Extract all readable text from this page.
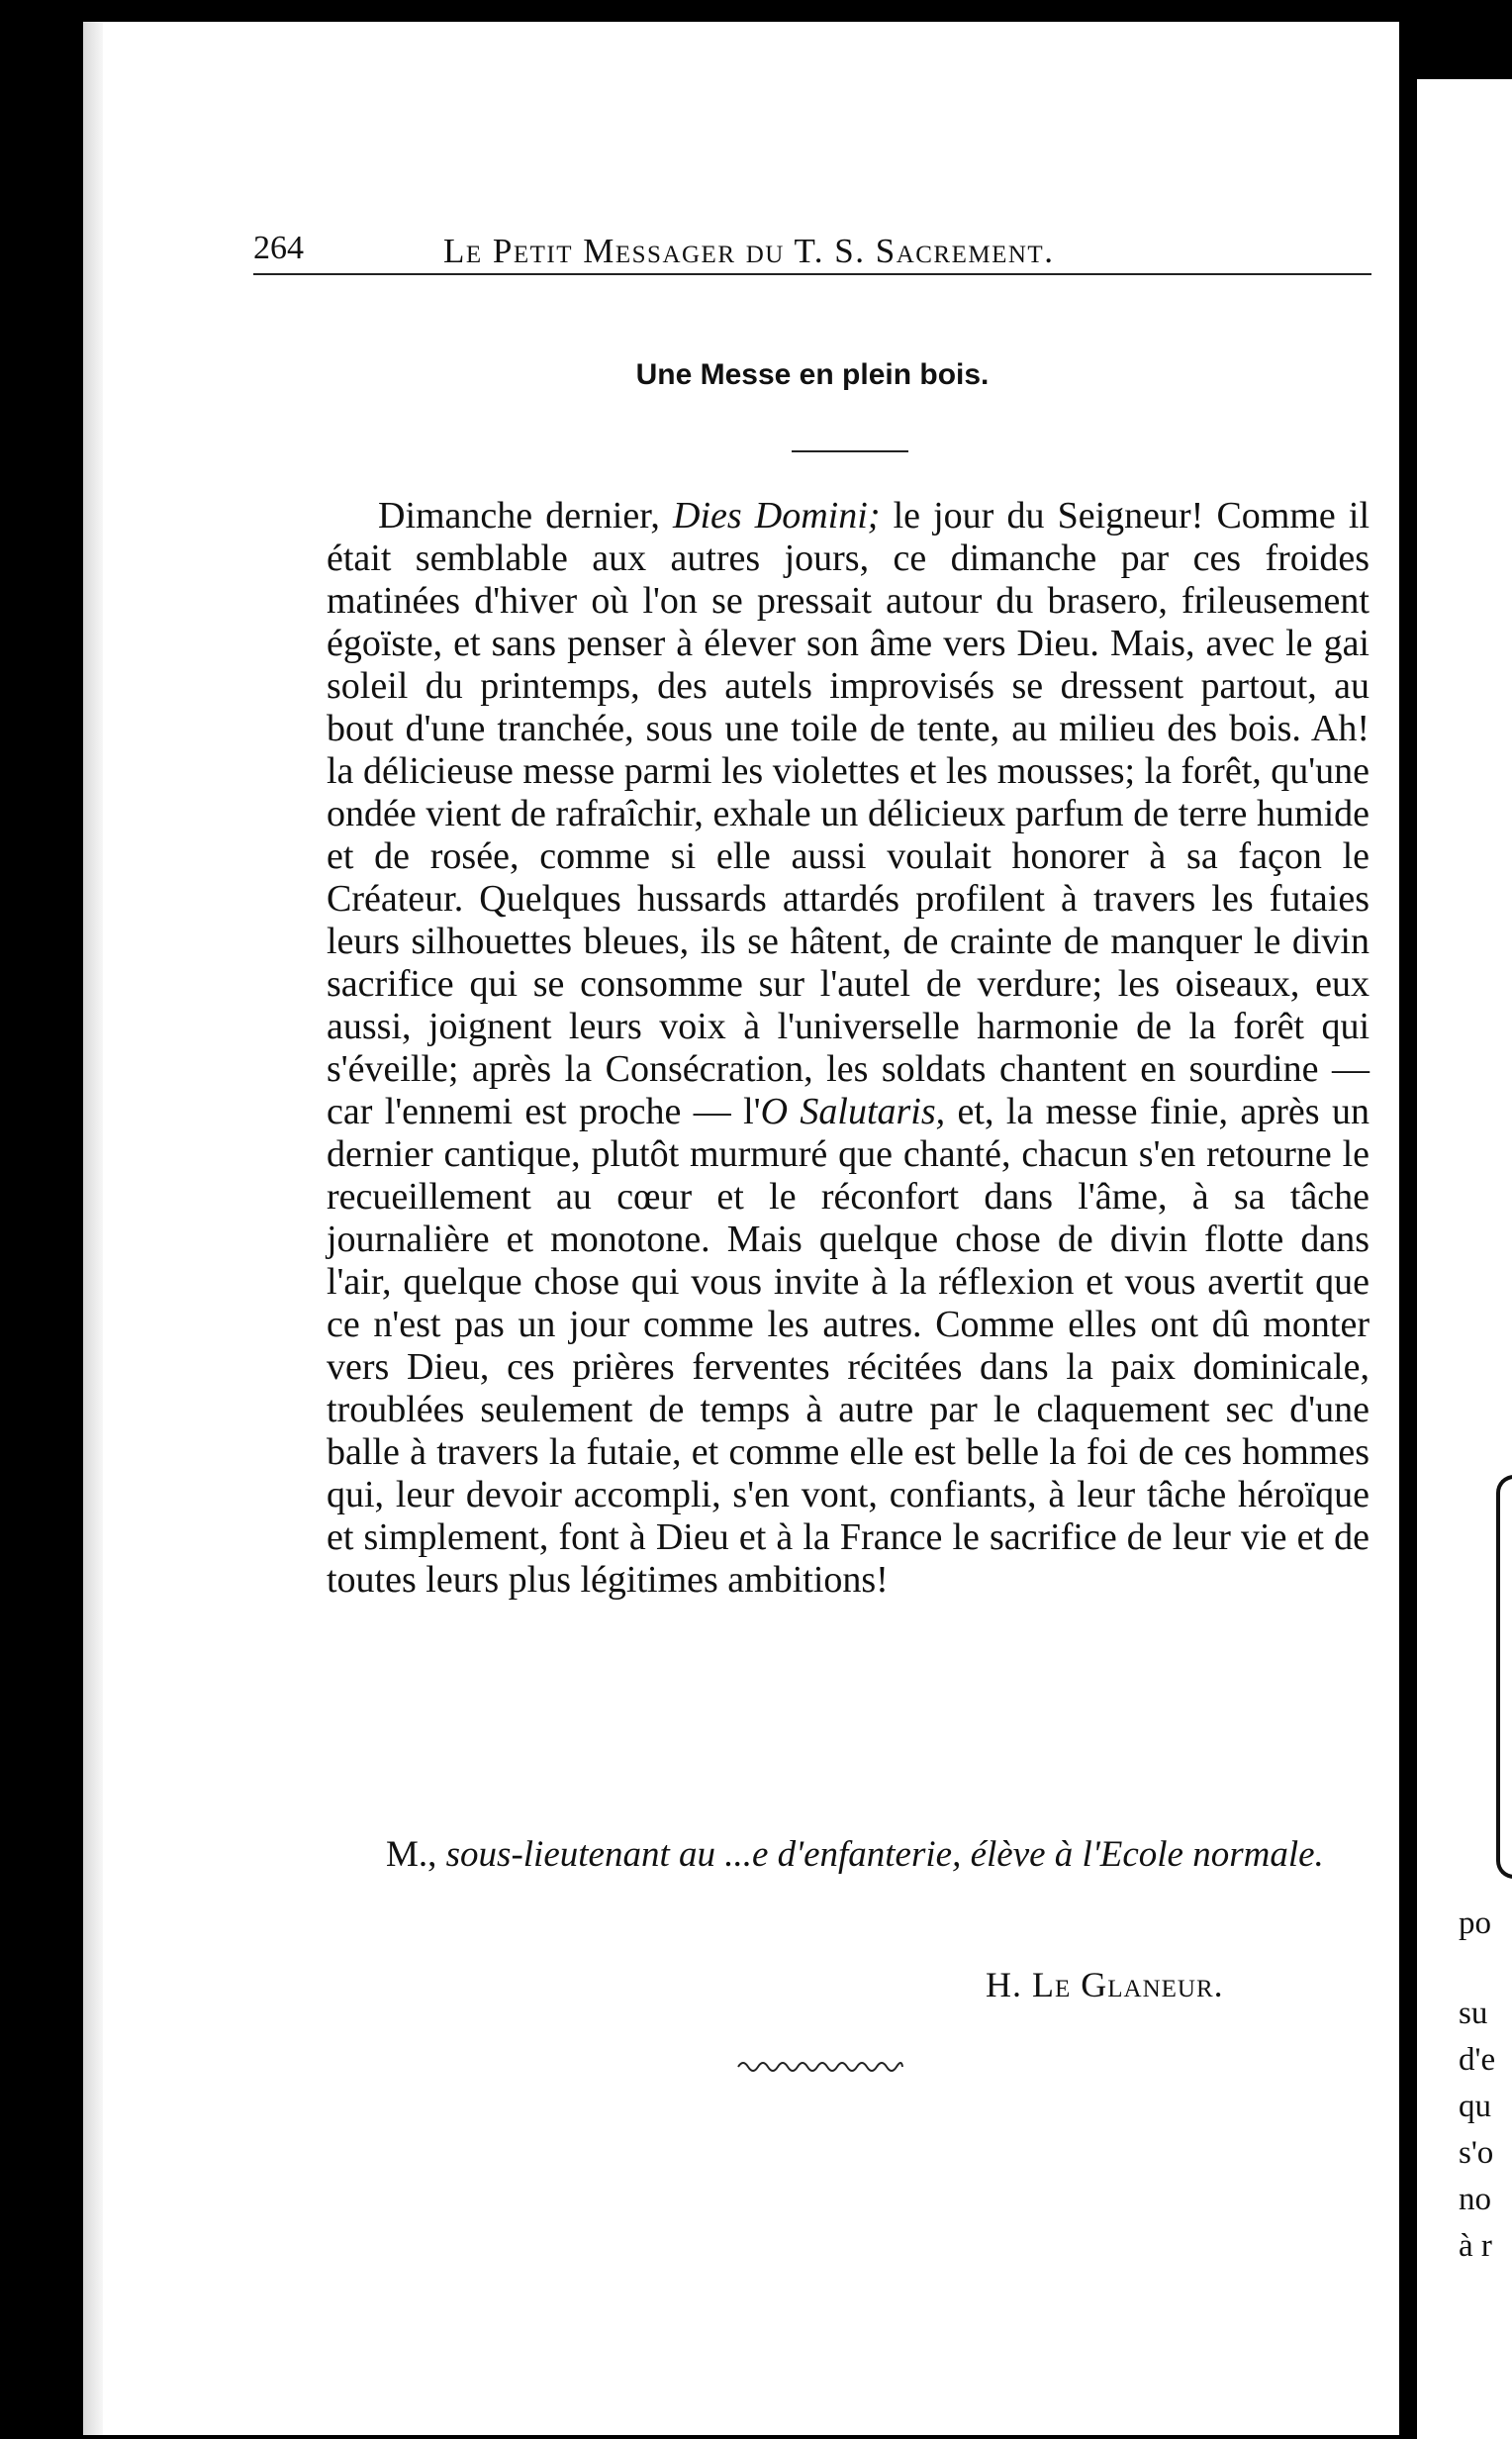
po
su
d'e
qu
s'o
no
à r
264	Le Petit Messager du T. S. Sacrement.
Une Messe en plein bois.

Dimanche dernier, Dies Domini; le jour du Seigneur! Comme il était semblable aux autres jours, ce dimanche par ces froides matinées d'hiver où l'on se pressait autour du brasero, frileusement égoïste, et sans penser à élever son âme vers Dieu. Mais, avec le gai soleil du printemps, des autels improvisés se dressent partout, au bout d'une tranchée, sous une toile de tente, au milieu des bois. Ah! la délicieuse messe parmi les violettes et les mousses; la forêt, qu'une ondée vient de rafraîchir, exhale un délicieux parfum de terre humide et de rosée, comme si elle aussi voulait honorer à sa façon le Créateur. Quelques hussards attardés profilent à travers les futaies leurs silhouettes bleues, ils se hâtent, de crainte de manquer le divin sacrifice qui se consomme sur l'autel de verdure; les oiseaux, eux aussi, joignent leurs voix à l'universelle harmonie de la forêt qui s'éveille; après la Consécration, les soldats chantent en sourdine — car l'ennemi est proche — l'O Salutaris, et, la messe finie, après un dernier cantique, plutôt murmuré que chanté, chacun s'en retourne le recueillement au cœur et le réconfort dans l'âme, à sa tâche journalière et monotone. Mais quelque chose de divin flotte dans l'air, quelque chose qui vous invite à la réflexion et vous avertit que ce n'est pas un jour comme les autres. Comme elles ont dû monter vers Dieu, ces prières ferventes récitées dans la paix dominicale, troublées seulement de temps à autre par le claquement sec d'une balle à travers la futaie, et comme elle est belle la foi de ces hommes qui, leur devoir accompli, s'en vont, confiants, à leur tâche héroïque et simplement, font à Dieu et à la France le sacrifice de leur vie et de toutes leurs plus légitimes ambitions!

M., sous-lieutenant au ...e d'enfanterie, élève à l'Ecole normale.

H. Le Glaneur.
